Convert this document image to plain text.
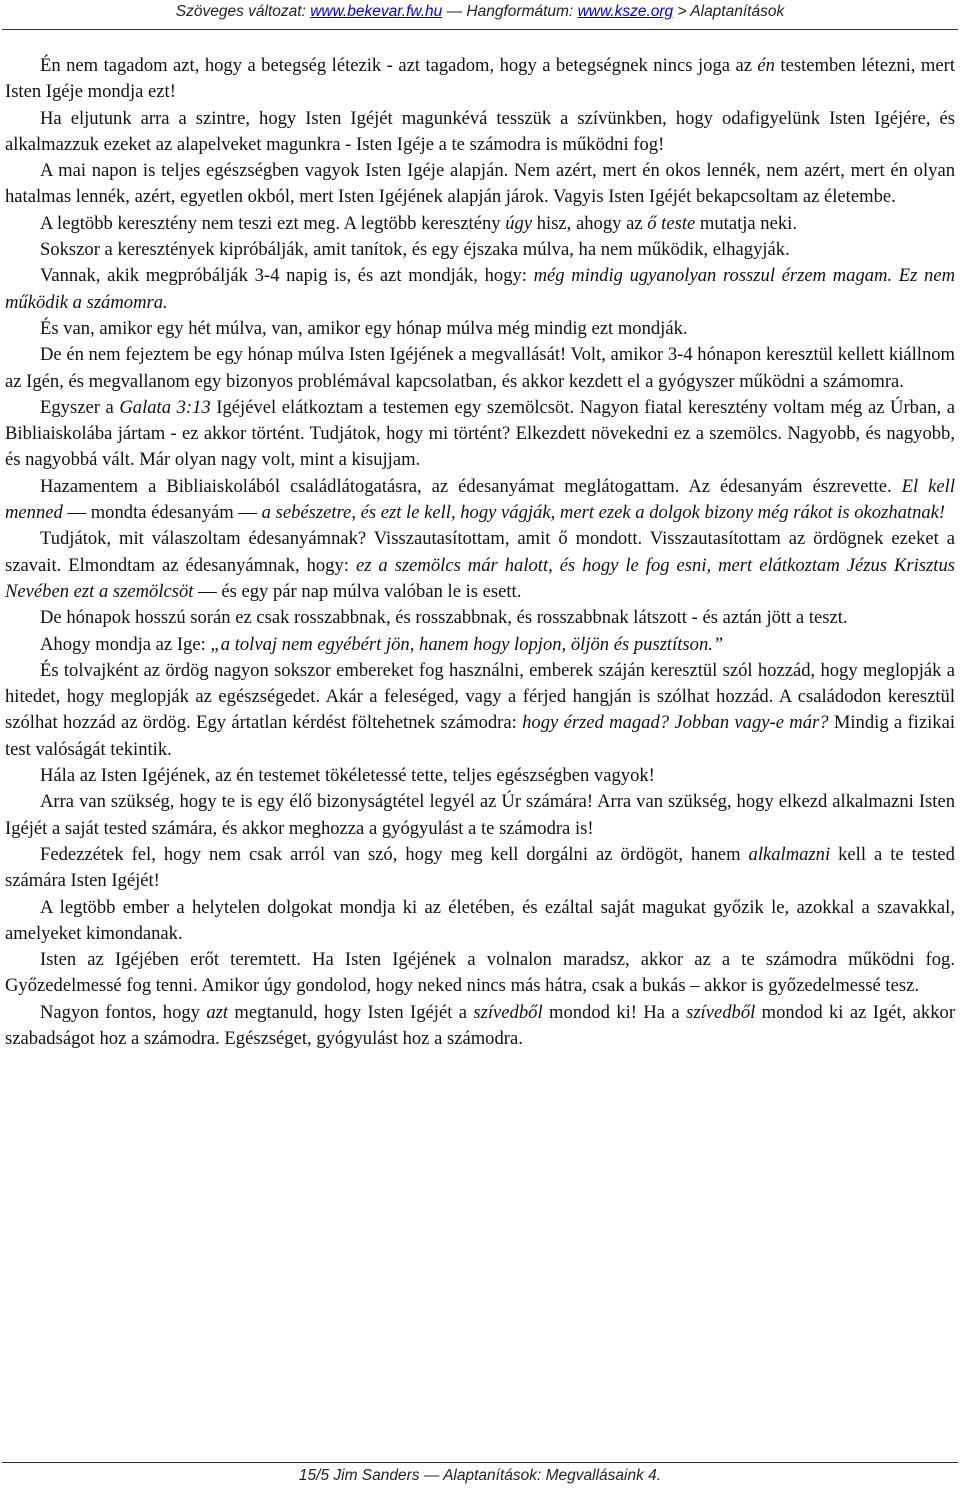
Szöveges változat: www.bekevar.fw.hu — Hangformátum: www.ksze.org > Alaptanítások

Én nem tagadom azt, hogy a betegség létezik - azt tagadom, hogy a betegségnek nincs joga az én testemben létezni, mert Isten Igéje mondja ezt!

Ha eljutunk arra a szintre, hogy Isten Igéjét magunkévá tesszük a szívünkben, hogy odafigyelünk Isten Igéjére, és alkalmazzuk ezeket az alapelveket magunkra - Isten Igéje a te számodra is működni fog!

A mai napon is teljes egészségben vagyok Isten Igéje alapján. Nem azért, mert én okos lennék, nem azért, mert én olyan hatalmas lennék, azért, egyetlen okból, mert Isten Igéjének alapján járok. Vagyis Isten Igéjét bekapcsoltam az életembe.

A legtöbb keresztény nem teszi ezt meg. A legtöbb keresztény úgy hisz, ahogy az ő teste mutatja neki.

Sokszor a keresztények kipróbálják, amit tanítok, és egy éjszaka múlva, ha nem működik, elhagyják.

Vannak, akik megpróbálják 3-4 napig is, és azt mondják, hogy: még mindig ugyanolyan rosszul érzem magam. Ez nem működik a számomra.

És van, amikor egy hét múlva, van, amikor egy hónap múlva még mindig ezt mondják.

De én nem fejeztem be egy hónap múlva Isten Igéjének a megvallását! Volt, amikor 3-4 hónapon keresztül kellett kiállnom az Igén, és megvallanom egy bizonyos problémával kapcsolatban, és akkor kezdett el a gyógyszer működni a számomra.

Egyszer a Galata 3:13 Igéjével elátkoztam a testemen egy szemölcsöt. Nagyon fiatal keresztény voltam még az Úrban, a Bibliaiskolába jártam - ez akkor történt. Tudjátok, hogy mi történt? Elkezdett növekedni ez a szemölcs. Nagyobb, és nagyobb, és nagyobbá vált. Már olyan nagy volt, mint a kisujjam.

Hazamentem a Bibliaiskolából családlátogatásra, az édesanyámat meglátogattam. Az édesanyám észrevette. El kell menned — mondta édesanyám — a sebészetre, és ezt le kell, hogy vágják, mert ezek a dolgok bizony még rákot is okozhatnak!

Tudjátok, mit válaszoltam édesanyámnak? Visszautasítottam, amit ő mondott. Visszautasítottam az ördögnek ezeket a szavait. Elmondtam az édesanyámnak, hogy: ez a szemölcs már halott, és hogy le fog esni, mert elátkoztam Jézus Krisztus Nevében ezt a szemölcsöt — és egy pár nap múlva valóban le is esett.

De hónapok hosszú során ez csak rosszabbnak, és rosszabbnak, és rosszabbnak látszott - és aztán jött a teszt.

Ahogy mondja az Ige: „a tolvaj nem egyébért jön, hanem hogy lopjon, öljön és pusztítson.”

És tolvajként az ördög nagyon sokszor embereket fog használni, emberek száján keresztül szól hozzád, hogy meglopják a hitedet, hogy meglopják az egészségedet. Akár a feleséged, vagy a férjed hangján is szólhat hozzád. A családodon keresztül szólhat hozzád az ördög. Egy ártatlan kérdést föltehetnek számodra: hogy érzed magad? Jobban vagy-e már? Mindig a fizikai test valóságát tekintik.

Hála az Isten Igéjének, az én testemet tökéletessé tette, teljes egészségben vagyok!

Arra van szükség, hogy te is egy élő bizonyságtétel legyél az Úr számára! Arra van szükség, hogy elkezd alkalmazni Isten Igéjét a saját tested számára, és akkor meghozza a gyógyulást a te számodra is!

Fedezzétek fel, hogy nem csak arról van szó, hogy meg kell dorgálni az ördögöt, hanem alkalmazni kell a te tested számára Isten Igéjét!

A legtöbb ember a helytelen dolgokat mondja ki az életében, és ezáltal saját magukat győzik le, azokkal a szavakkal, amelyeket kimondanak.

Isten az Igéjében erőt teremtett. Ha Isten Igéjének a volnalon maradsz, akkor az a te számodra működni fog. Győzedelmessé fog tenni. Amikor úgy gondolod, hogy neked nincs más hátra, csak a bukás – akkor is győzedelmessé tesz.

Nagyon fontos, hogy azt megtanuld, hogy Isten Igéjét a szívedből mondod ki! Ha a szívedből mondod ki az Igét, akkor szabadságot hoz a számodra. Egészséget, gyógyulást hoz a számodra.

15/5 Jim Sanders — Alaptanítások: Megvallásaink 4.
